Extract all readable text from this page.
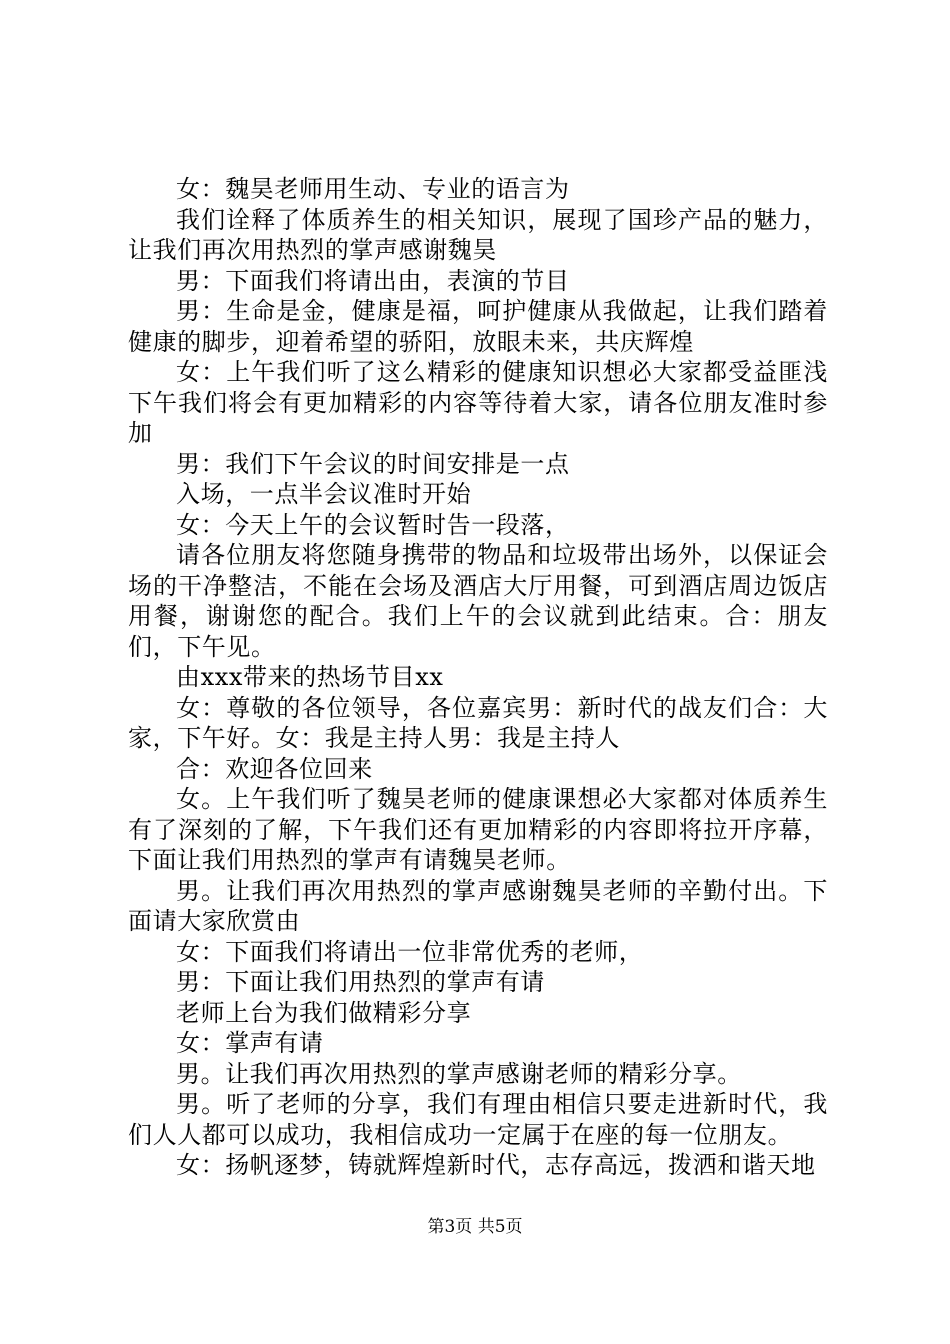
女：魏昊老师用生动、专业的语言为

我们诠释了体质养生的相关知识，展现了国珍产品的魅力，让我们再次用热烈的掌声感谢魏昊

男：下面我们将请出由，表演的节目

男：生命是金，健康是福，呵护健康从我做起，让我们踏着健康的脚步，迎着希望的骄阳，放眼未来，共庆辉煌

女：上午我们听了这么精彩的健康知识想必大家都受益匪浅下午我们将会有更加精彩的内容等待着大家，请各位朋友准时参加

男：我们下午会议的时间安排是一点

入场，一点半会议准时开始

女：今天上午的会议暂时告一段落，

请各位朋友将您随身携带的物品和垃圾带出场外，以保证会场的干净整洁，不能在会场及酒店大厅用餐，可到酒店周边饭店用餐，谢谢您的配合。我们上午的会议就到此结束。合：朋友们，下午见。

由xxx带来的热场节目xx

女：尊敬的各位领导，各位嘉宾男：新时代的战友们合：大家，下午好。女：我是主持人男：我是主持人

合：欢迎各位回来

女。上午我们听了魏昊老师的健康课想必大家都对体质养生有了深刻的了解，下午我们还有更加精彩的内容即将拉开序幕，下面让我们用热烈的掌声有请魏昊老师。

男。让我们再次用热烈的掌声感谢魏昊老师的辛勤付出。下面请大家欣赏由

女：下面我们将请出一位非常优秀的老师，

男：下面让我们用热烈的掌声有请

老师上台为我们做精彩分享

女：掌声有请

男。让我们再次用热烈的掌声感谢老师的精彩分享。

男。听了老师的分享，我们有理由相信只要走进新时代，我们人人都可以成功，我相信成功一定属于在座的每一位朋友。

女：扬帆逐梦，铸就辉煌新时代，志存高远，拨洒和谐天地

第3页 共5页
